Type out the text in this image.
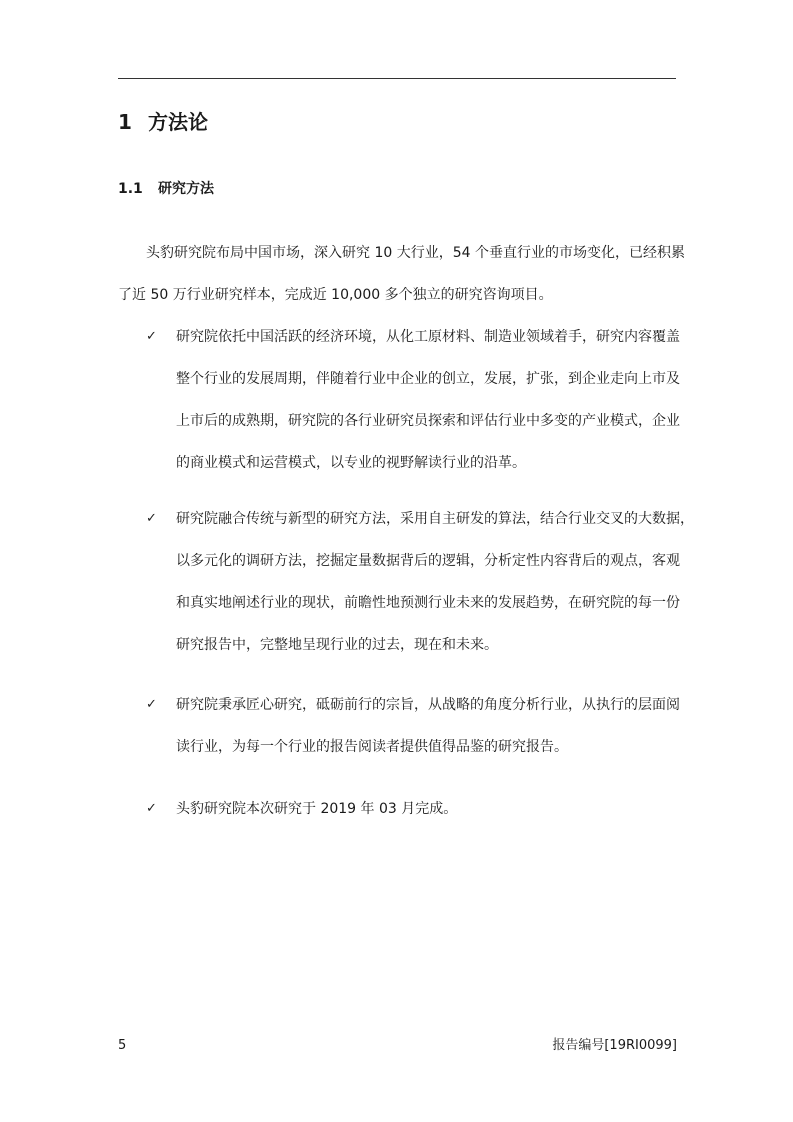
1 方法论
1.1 研究方法
头豹研究院布局中国市场，深入研究 10 大行业，54 个垂直行业的市场变化，已经积累
了近 50 万行业研究样本，完成近 10,000 多个独立的研究咨询项目。
✓	研究院依托中国活跃的经济环境，从化工原材料、制造业领域着手，研究内容覆盖
整个行业的发展周期，伴随着行业中企业的创立，发展，扩张，到企业走向上市及
上市后的成熟期，研究院的各行业研究员探索和评估行业中多变的产业模式，企业
的商业模式和运营模式，以专业的视野解读行业的沿革。
✓	研究院融合传统与新型的研究方法，采用自主研发的算法，结合行业交叉的大数据，
以多元化的调研方法，挖掘定量数据背后的逻辑，分析定性内容背后的观点，客观
和真实地阐述行业的现状，前瞻性地预测行业未来的发展趋势，在研究院的每一份
研究报告中，完整地呈现行业的过去，现在和未来。
✓	研究院秉承匠心研究，砥砺前行的宗旨，从战略的角度分析行业，从执行的层面阅
读行业，为每一个行业的报告阅读者提供值得品鉴的研究报告。
✓	头豹研究院本次研究于 2019 年 03 月完成。
5	报告编号[19RI0099]
